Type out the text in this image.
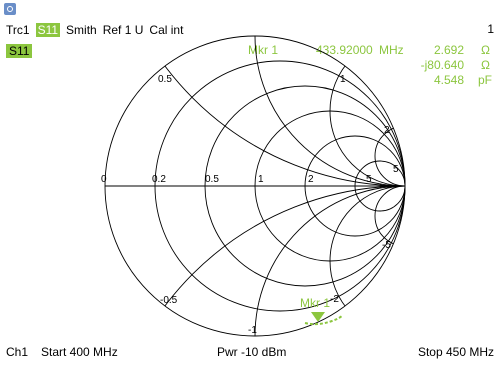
Trc1 S11 Smith Ref 1 U Cal int	1
S11	Mkr 1	433.92000 MHz	2.692 Ω
-j80.640 Ω
4.548 pF
0	0.2	0.5	1	2	5
0.5	1
2
5
-0.5
-1
-2
-5
Mkr 1
Ch1 Start 400 MHz	Pwr -10 dBm	Stop 450 MHz
